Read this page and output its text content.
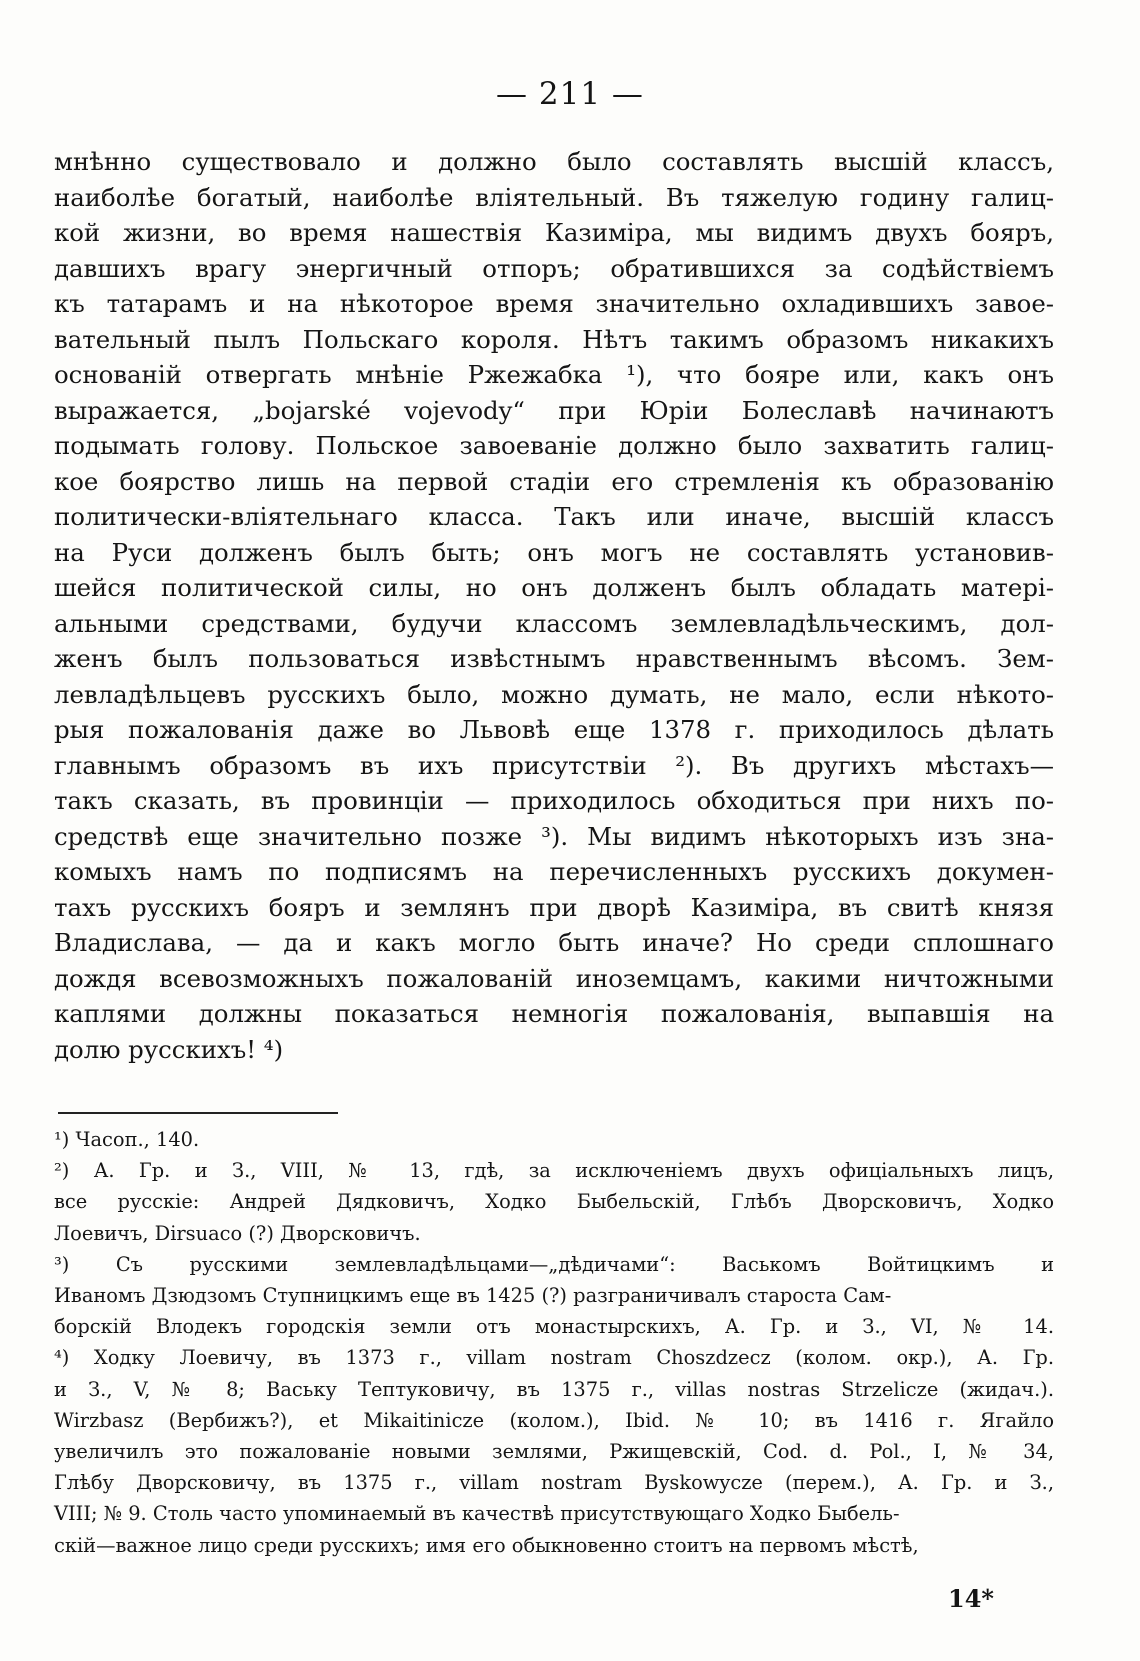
— 211 —
мнѣнно существовало и должно было составлять высшій классъ,
наиболѣе богатый, наиболѣе вліятельный. Въ тяжелую годину галиц-
кой жизни, во время нашествія Казиміра, мы видимъ двухъ бояръ,
давшихъ врагу энергичный отпоръ; обратившихся за содѣйствіемъ
къ татарамъ и на нѣкоторое время значительно охладившихъ завое-
вательный пылъ Польскаго короля. Нѣтъ такимъ образомъ никакихъ
основаній отвергать мнѣніе Ржежабка ¹), что бояре или, какъ онъ
выражается, „bojarské vojevody“ при Юріи Болеславѣ начинаютъ
подымать голову. Польское завоеваніе должно было захватить галиц-
кое боярство лишь на первой стадіи его стремленія къ образованію
политически-вліятельнаго класса. Такъ или иначе, высшій классъ
на Руси долженъ былъ быть; онъ могъ не составлять установив-
шейся политической силы, но онъ долженъ былъ обладать матері-
альными средствами, будучи классомъ землевладѣльческимъ, дол-
женъ былъ пользоваться извѣстнымъ нравственнымъ вѣсомъ. Зем-
левладѣльцевъ русскихъ было, можно думать, не мало, если нѣкото-
рыя пожалованія даже во Львовѣ еще 1378 г. приходилось дѣлать
главнымъ образомъ въ ихъ присутствіи ²). Въ другихъ мѣстахъ—
такъ сказать, въ провинціи — приходилось обходиться при нихъ по-
средствѣ еще значительно позже ³). Мы видимъ нѣкоторыхъ изъ зна-
комыхъ намъ по подписямъ на перечисленныхъ русскихъ докумен-
тахъ русскихъ бояръ и землянъ при дворѣ Казиміра, въ свитѣ князя
Владислава, — да и какъ могло быть иначе? Но среди сплошнаго
дождя всевозможныхъ пожалованій иноземцамъ, какими ничтожными
каплями должны показаться немногія пожалованія, выпавшія на
долю русскихъ! ⁴)
¹) Часоп., 140.
²) А. Гр. и З., VIII, № 13, гдѣ, за исключеніемъ двухъ офиціальныхъ лицъ,
все русскіе: Андрей Дядковичъ, Ходко Быбельскій, Глѣбъ Дворсковичъ, Ходко
Лоевичъ, Dirsuaco (?) Дворсковичъ.
³) Съ русскими землевладѣльцами—„дѣдичами“: Васькомъ Войтицкимъ и
Иваномъ Дзюдзомъ Ступницкимъ еще въ 1425 (?) разграничивалъ староста Сам-
борскій Влодекъ городскія земли отъ монастырскихъ, А. Гр. и З., VI, № 14.
⁴) Ходку Лоевичу, въ 1373 г., villam nostram Choszdzecz (колом. окр.), А. Гр.
и З., V, № 8; Ваську Тептуковичу, въ 1375 г., villas nostras Strzelicze (жидач.).
Wirzbasz (Вербижъ?), et Mikaitinicze (колом.), Ibid. № 10; въ 1416 г. Ягайло
увеличилъ это пожалованіе новыми землями, Ржищевскій, Cod. d. Pol., I, № 34,
Глѣбу Дворсковичу, въ 1375 г., villam nostram Byskowycze (перем.), А. Гр. и З.,
VIII; № 9. Столь часто упоминаемый въ качествѣ присутствующаго Ходко Быбель-
скій—важное лицо среди русскихъ; имя его обыкновенно стоитъ на первомъ мѣстѣ,
14*
